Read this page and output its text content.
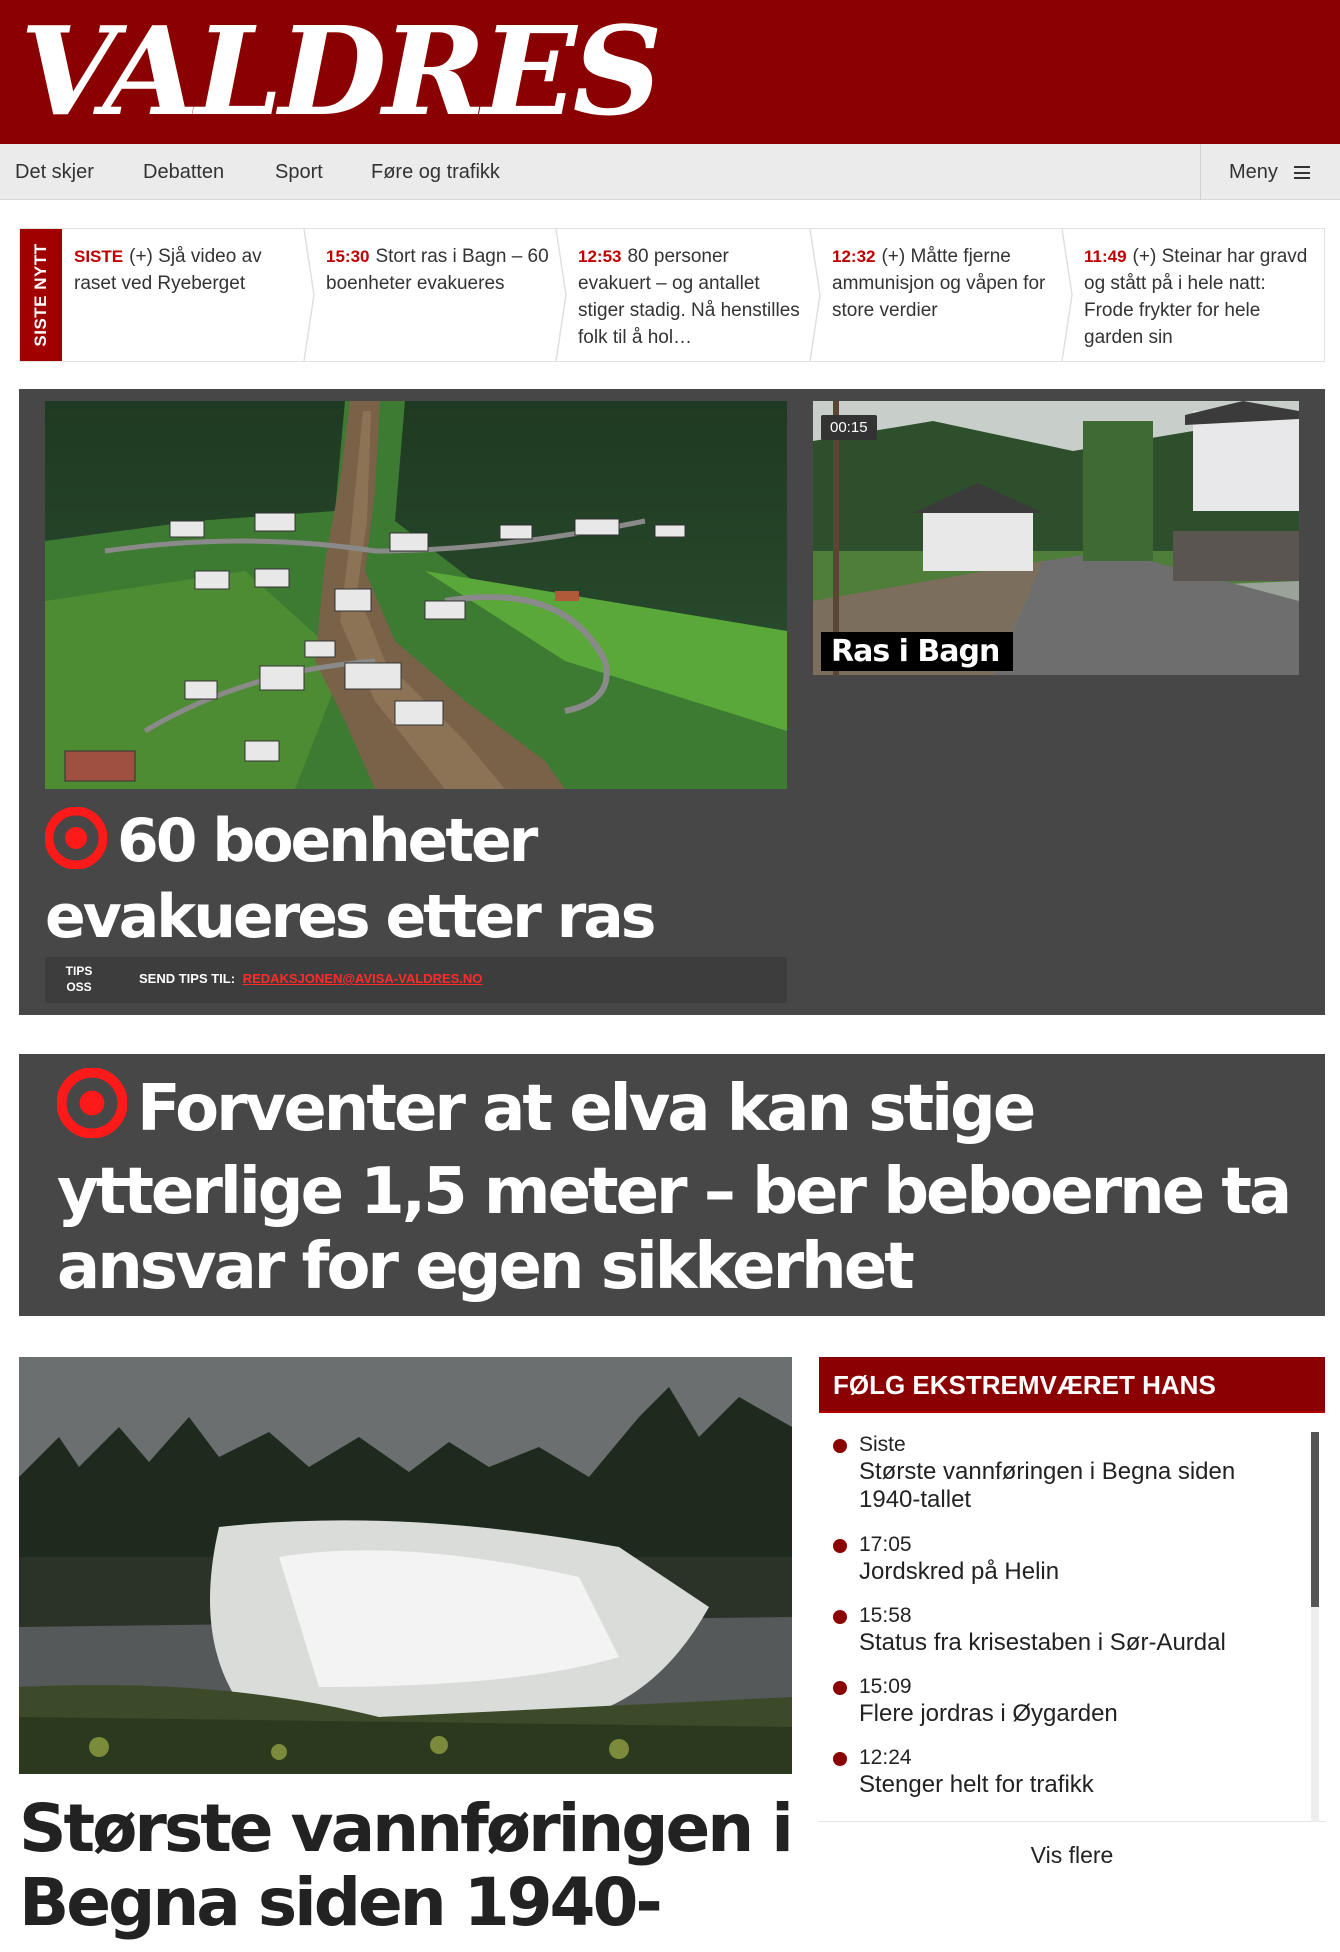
VALDRES
Det skjer Debatten	Sport Føre og trafikk	Meny
SISTE NYTT	SISTE (+) Sjå video av raset ved Ryeberget
15:30 Stort ras i Bagn – 60 boenheter evakueres
12:53 80 personer evakuert – og antallet stiger stadig. Nå henstilles folk til å hol…
12:32 (+) Måtte fjerne ammunisjon og våpen for store verdier
11:49 (+) Steinar har gravd og stått på i hele natt: Frode frykter for hele garden sin
00:15
Ras i Bagn
60 boenheter evakueres etter ras
TIPS
OSS
SEND TIPS TIL: REDAKSJONEN@AVISA-VALDRES.NO
Forventer at elva kan stige ytterlige 1,5 meter – ber beboerne ta ansvar for egen sikkerhet
Største vannføringen i Begna siden 1940-
FØLG EKSTREMVÆRET HANS
Siste
Største vannføringen i Begna siden 1940-tallet
17:05
Jordskred på Helin
15:58
Status fra krisestaben i Sør-Aurdal
15:09
Flere jordras i Øygarden
12:24
Stenger helt for trafikk
Vis flere
